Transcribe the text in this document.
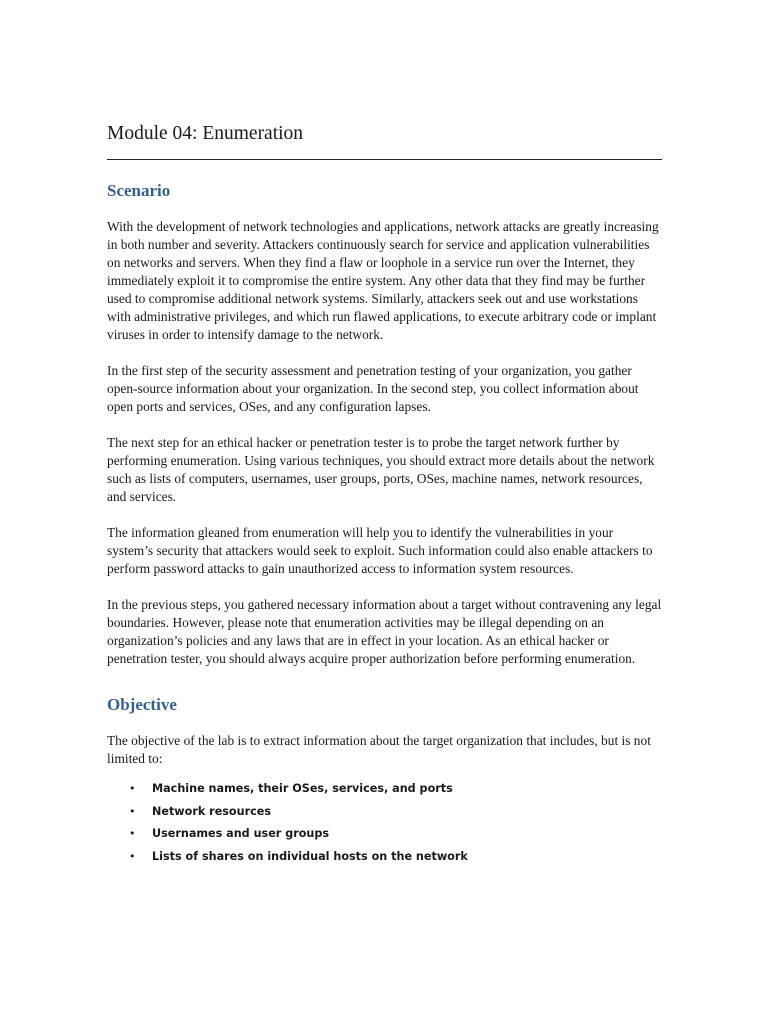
Module 04: Enumeration
Scenario

With the development of network technologies and applications, network attacks are greatly increasing in both number and severity. Attackers continuously search for service and application vulnerabilities on networks and servers. When they find a flaw or loophole in a service run over the Internet, they immediately exploit it to compromise the entire system. Any other data that they find may be further used to compromise additional network systems. Similarly, attackers seek out and use workstations with administrative privileges, and which run flawed applications, to execute arbitrary code or implant viruses in order to intensify damage to the network.

In the first step of the security assessment and penetration testing of your organization, you gather open-source information about your organization. In the second step, you collect information about open ports and services, OSes, and any configuration lapses.

The next step for an ethical hacker or penetration tester is to probe the target network further by performing enumeration. Using various techniques, you should extract more details about the network such as lists of computers, usernames, user groups, ports, OSes, machine names, network resources, and services.

The information gleaned from enumeration will help you to identify the vulnerabilities in your system’s security that attackers would seek to exploit. Such information could also enable attackers to perform password attacks to gain unauthorized access to information system resources.

In the previous steps, you gathered necessary information about a target without contravening any legal boundaries. However, please note that enumeration activities may be illegal depending on an organization’s policies and any laws that are in effect in your location. As an ethical hacker or penetration tester, you should always acquire proper authorization before performing enumeration.

Objective

The objective of the lab is to extract information about the target organization that includes, but is not limited to:

• Machine names, their OSes, services, and ports
• Network resources
• Usernames and user groups
• Lists of shares on individual hosts on the network
